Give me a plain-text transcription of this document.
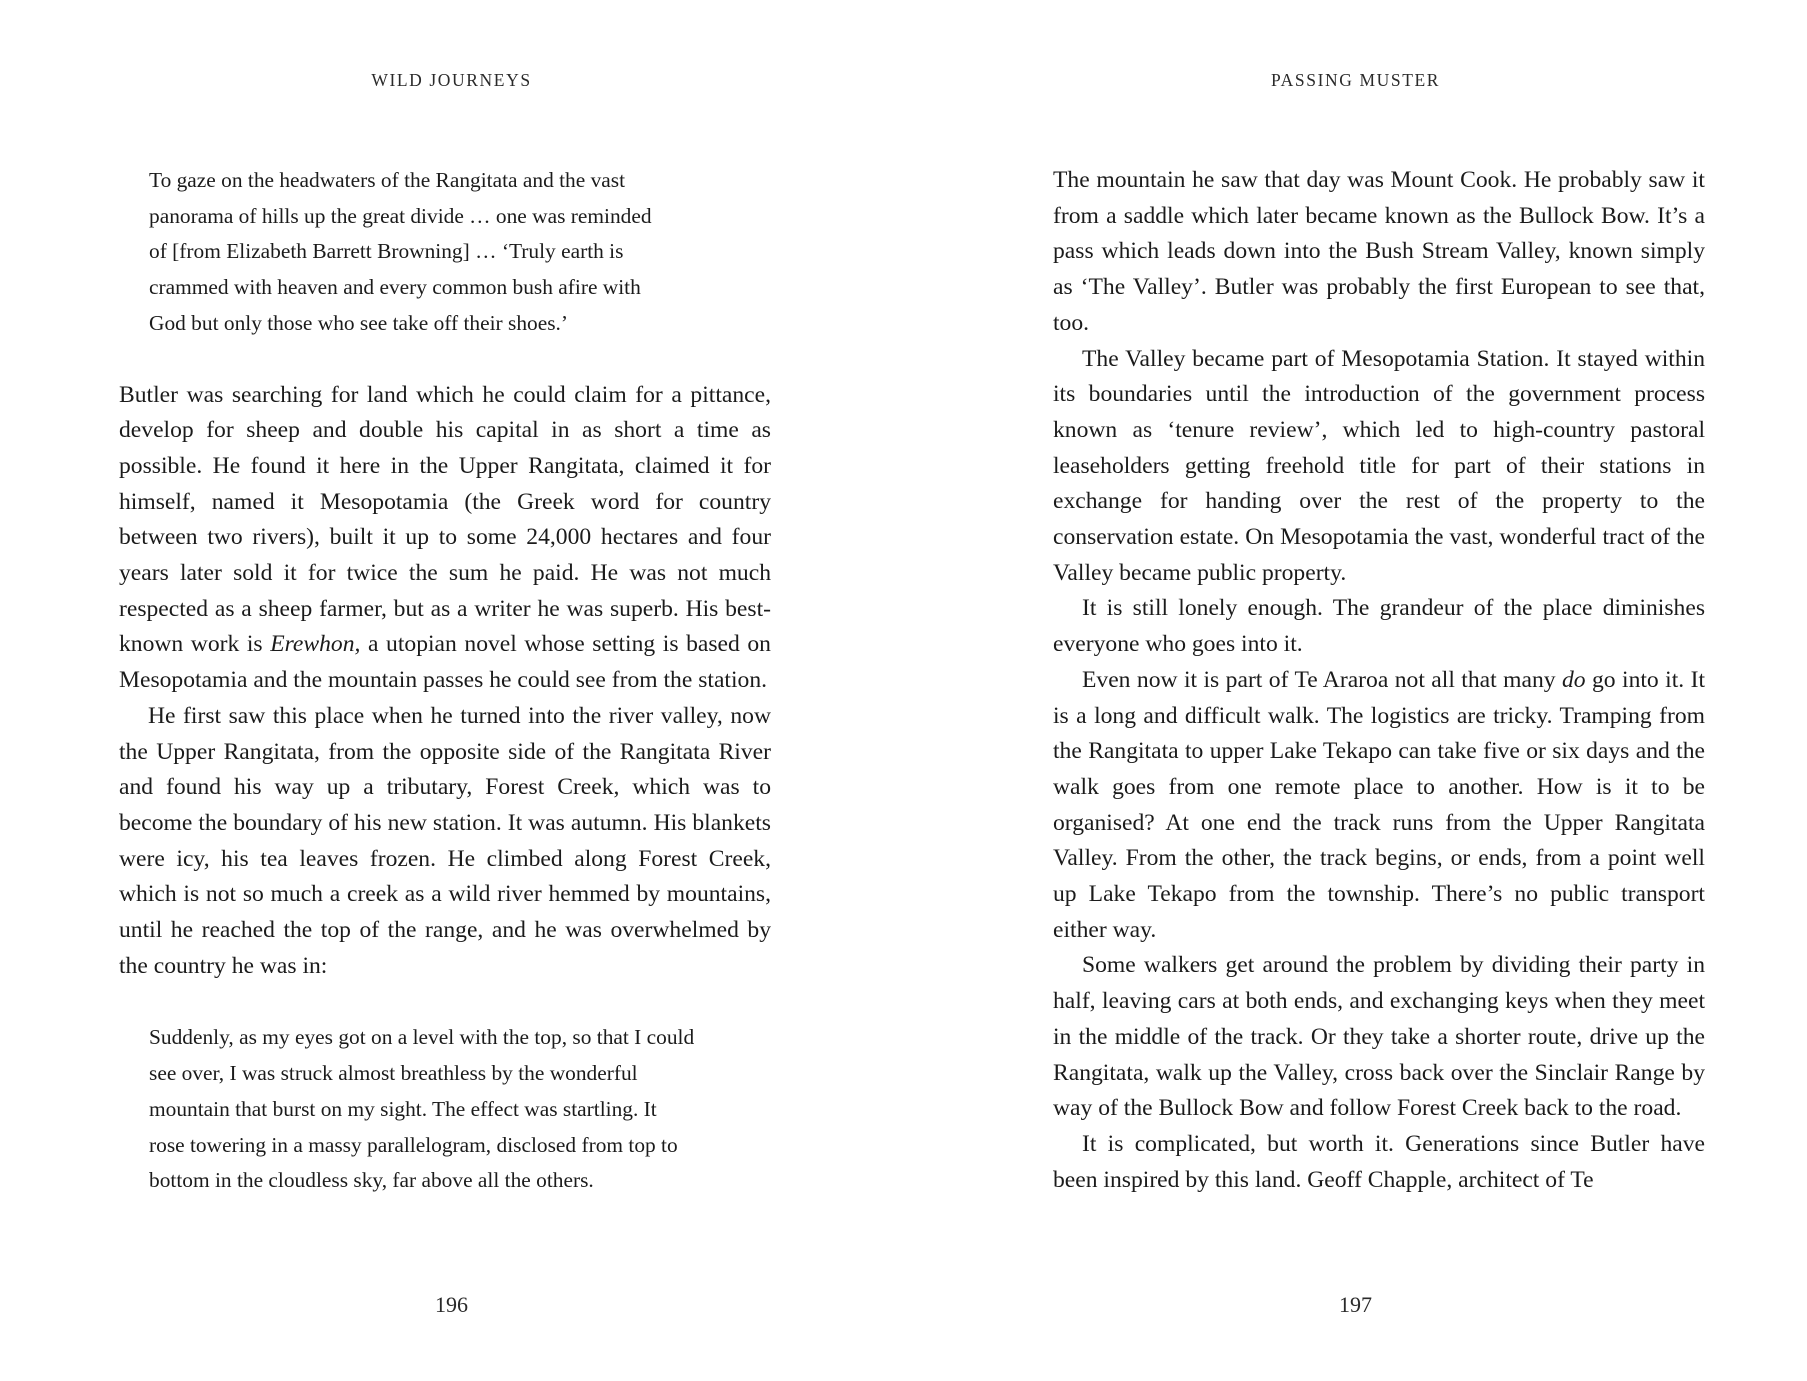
WILD JOURNEYS
To gaze on the headwaters of the Rangitata and the vast
panorama of hills up the great divide … one was reminded
of [from Elizabeth Barrett Browning] … ‘Truly earth is
crammed with heaven and every common bush afire with
God but only those who see take off their shoes.’

Butler was searching for land which he could claim for a pittance, develop for sheep and double his capital in as short a time as possible. He found it here in the Upper Rangitata, claimed it for himself, named it Mesopotamia (the Greek word for country between two rivers), built it up to some 24,000 hectares and four years later sold it for twice the sum he paid. He was not much respected as a sheep farmer, but as a writer he was superb. His best-known work is Erewhon, a utopian novel whose setting is based on Mesopotamia and the mountain passes he could see from the station.

He first saw this place when he turned into the river valley, now the Upper Rangitata, from the opposite side of the Rangitata River and found his way up a tributary, Forest Creek, which was to become the boundary of his new station. It was autumn. His blankets were icy, his tea leaves frozen. He climbed along Forest Creek, which is not so much a creek as a wild river hemmed by mountains, until he reached the top of the range, and he was overwhelmed by the country he was in:

Suddenly, as my eyes got on a level with the top, so that I could
see over, I was struck almost breathless by the wonderful
mountain that burst on my sight. The effect was startling. It
rose towering in a massy parallelogram, disclosed from top to
bottom in the cloudless sky, far above all the others.
196
PASSING MUSTER

The mountain he saw that day was Mount Cook. He probably saw it from a saddle which later became known as the Bullock Bow. It’s a pass which leads down into the Bush Stream Valley, known simply as ‘The Valley’. Butler was probably the first European to see that, too.

The Valley became part of Mesopotamia Station. It stayed within its boundaries until the introduction of the government process known as ‘tenure review’, which led to high-country pastoral leaseholders getting freehold title for part of their stations in exchange for handing over the rest of the property to the conservation estate. On Mesopotamia the vast, wonderful tract of the Valley became public property.

It is still lonely enough. The grandeur of the place diminishes everyone who goes into it.

Even now it is part of Te Araroa not all that many do go into it. It is a long and difficult walk. The logistics are tricky. Tramping from the Rangitata to upper Lake Tekapo can take five or six days and the walk goes from one remote place to another. How is it to be organised? At one end the track runs from the Upper Rangitata Valley. From the other, the track begins, or ends, from a point well up Lake Tekapo from the township. There’s no public transport either way.

Some walkers get around the problem by dividing their party in half, leaving cars at both ends, and exchanging keys when they meet in the middle of the track. Or they take a shorter route, drive up the Rangitata, walk up the Valley, cross back over the Sinclair Range by way of the Bullock Bow and follow Forest Creek back to the road.

It is complicated, but worth it. Generations since Butler have been inspired by this land. Geoff Chapple, architect of Te

197
